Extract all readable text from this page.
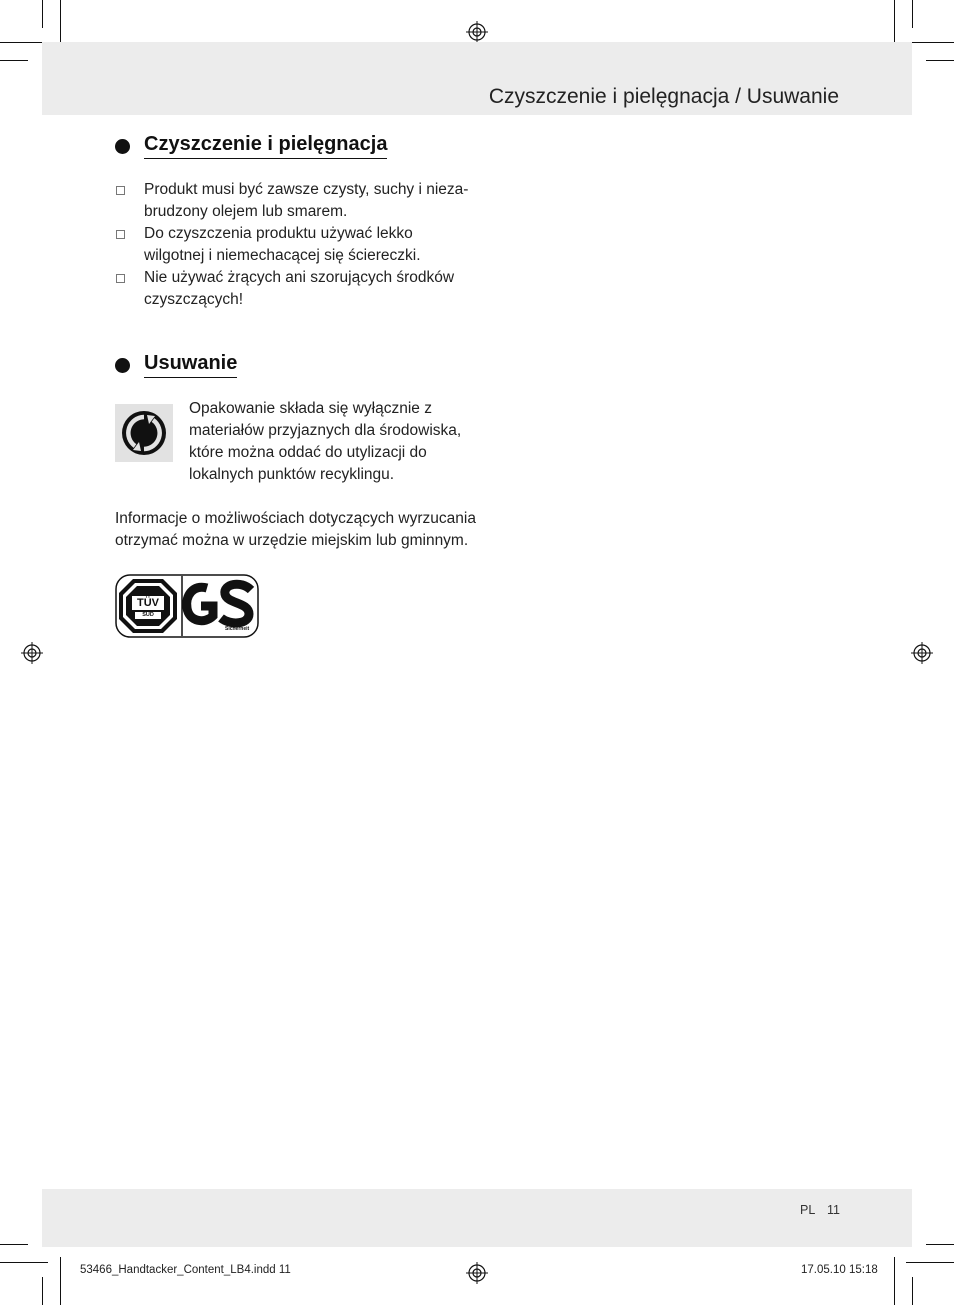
Czyszczenie i pielęgnacja / Usuwanie
Czyszczenie i pielęgnacja
Produkt musi być zawsze czysty, suchy i nieza-brudzony olejem lub smarem.
Do czyszczenia produktu używać lekko wilgotnej i niemechacącej się ściereczki.
Nie używać żrących ani szorujących środków czyszczących!
Usuwanie
Opakowanie składa się wyłącznie z materiałów przyjaznych dla środowiska, które można oddać do utylizacji do lokalnych punktów recyklingu.
Informacje o możliwościach dotyczących wyrzucania otrzymać można w urzędzie miejskim lub gminnym.
TÜV
SÜD
geprüfte
Sicherheit
PL 11
53466_Handtacker_Content_LB4.indd 11	17.05.10 15:18
